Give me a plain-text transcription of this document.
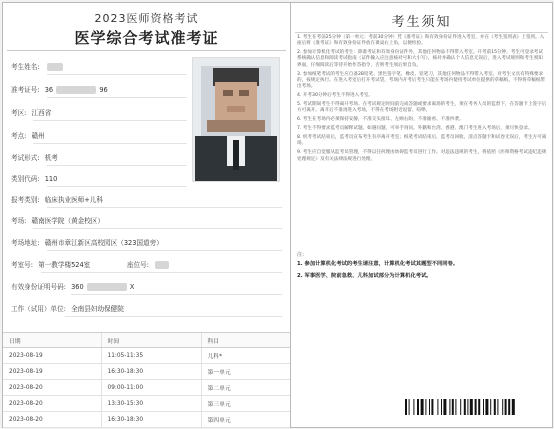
2023医师资格考试
医学综合考试准考证
考生姓名:
准考证号: 36	96
考区: 江西省
考点: 赣州
考试形式: 机考
类别代码: 110
报考类别: 临床执业医师+儿科
考场: 赣南医学院（黄金校区）
考场地址: 赣州市章江新区高校园区（323国道旁）
考室号: 第一教学楼524室	座位号:
有效身份证明号码: 360	X
工作（试用）单位: 全南县妇幼保健院
日期	时间	科目
2023-08-19	11:05-11:35	儿科*
2023-08-19	16:30-18:30	第一单元
2023-08-20	09:00-11:00	第二单元
2023-08-20	13:30-15:30	第三单元
2023-08-20	16:30-18:30	第四单元
考生须知
1. 考生在考前25分钟（第一单元：考前30分钟）凭《准考证》和有效身份证件进入考室，并在《考生签到表》上签到。入座后将《准考证》和有效身份证件放在课桌右上角，以便检验。
2. 参加计算机化考试的考生：除准考证和有效身份证件外，其他任何物品不得带入考室。开考前15分钟，考生可登录考试系统确认信息和阅读考试指南（证件输入应注意核对号和大小写），核对并确认个人信息无误后，进入考试规则和考生须知界面，仔细阅读后等待开始作答指令，否则考生须后果自负。
3. 参加纸笔考试的考生应自备2B铅笔、黑色签字笔、橡皮、铅笔刀，其他任何物品不得带入考室。对考生文具有特殊要求的，按规定执行。在进入考室后打开考试袋，考场内开考后考生只能在考场内使用考试单位提供的草稿纸，不得将草稿纸带出考场。
4. 开考30分钟后考生不得进入考室。
5. 考试期间考生不得离开考场。在考试规定时间前完成答题或要求离场的考生，须在考务人员的监督下，在答题卡上签字后方可离开。离开后不准再进入考场，不得在考场附近逗留、喧哗。
6. 考生在考场内必须保持安静，不准交头接耳、左顾右盼，不准偷看、不准抄袭。
7. 考生不得要求监考员解释试题。如遇问题，可举手询问。外籍和台湾、香港、澳门考生进入考场后，须尽快登录。
8. 机考考试结束后，监考员宣布考生有序离开考室；纸笔考试结束后，监考员回收、清点答题卡和试卷无误后，考生方可离场。
9. 考生应自觉服从监考员管理，不得以任何理由妨碍监考员进行工作。对违法违规的考生，将依照《医师资格考试违纪违规处理规定》及有关法律法规进行处理。
注：
1. 参加计算机化考试的考生请注意，计算机化考试其题型不同同卷。
2. 军事医学、院前急救、儿科加试部分为计算机化考试。
